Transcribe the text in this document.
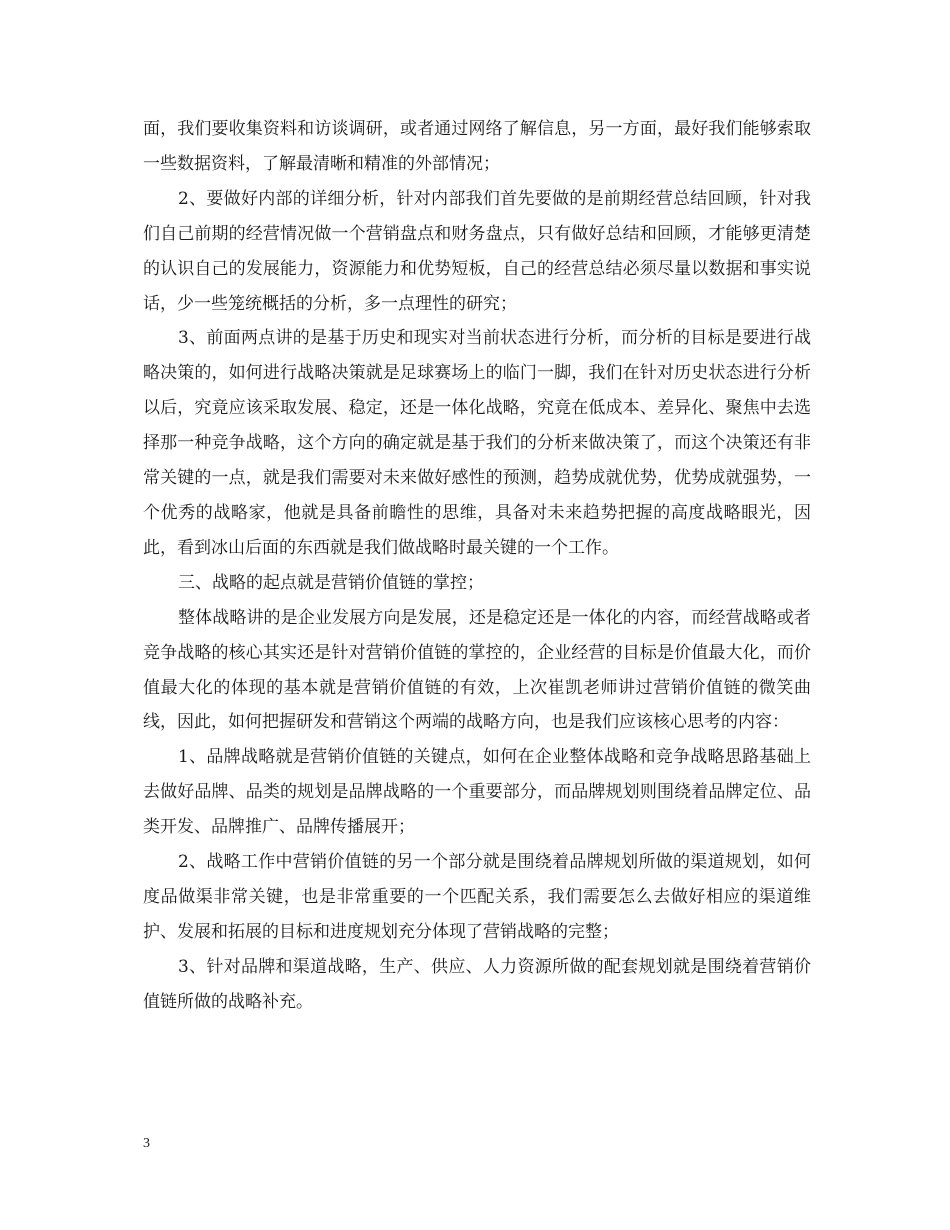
面，我们要收集资料和访谈调研，或者通过网络了解信息，另一方面，最好我们能够索取一些数据资料，了解最清晰和精准的外部情况；

2、要做好内部的详细分析，针对内部我们首先要做的是前期经营总结回顾，针对我们自己前期的经营情况做一个营销盘点和财务盘点，只有做好总结和回顾，才能够更清楚的认识自己的发展能力，资源能力和优势短板，自己的经营总结必须尽量以数据和事实说话，少一些笼统概括的分析，多一点理性的研究；

3、前面两点讲的是基于历史和现实对当前状态进行分析，而分析的目标是要进行战略决策的，如何进行战略决策就是足球赛场上的临门一脚，我们在针对历史状态进行分析以后，究竟应该采取发展、稳定，还是一体化战略，究竟在低成本、差异化、聚焦中去选择那一种竞争战略，这个方向的确定就是基于我们的分析来做决策了，而这个决策还有非常关键的一点，就是我们需要对未来做好感性的预测，趋势成就优势，优势成就强势，一个优秀的战略家，他就是具备前瞻性的思维，具备对未来趋势把握的高度战略眼光，因此，看到冰山后面的东西就是我们做战略时最关键的一个工作。

三、战略的起点就是营销价值链的掌控；

整体战略讲的是企业发展方向是发展，还是稳定还是一体化的内容，而经营战略或者竞争战略的核心其实还是针对营销价值链的掌控的，企业经营的目标是价值最大化，而价值最大化的体现的基本就是营销价值链的有效，上次崔凯老师讲过营销价值链的微笑曲线，因此，如何把握研发和营销这个两端的战略方向，也是我们应该核心思考的内容：

1、品牌战略就是营销价值链的关键点，如何在企业整体战略和竞争战略思路基础上去做好品牌、品类的规划是品牌战略的一个重要部分，而品牌规划则围绕着品牌定位、品类开发、品牌推广、品牌传播展开；

2、战略工作中营销价值链的另一个部分就是围绕着品牌规划所做的渠道规划，如何度品做渠非常关键，也是非常重要的一个匹配关系，我们需要怎么去做好相应的渠道维护、发展和拓展的目标和进度规划充分体现了营销战略的完整；

3、针对品牌和渠道战略，生产、供应、人力资源所做的配套规划就是围绕着营销价值链所做的战略补充。

3
